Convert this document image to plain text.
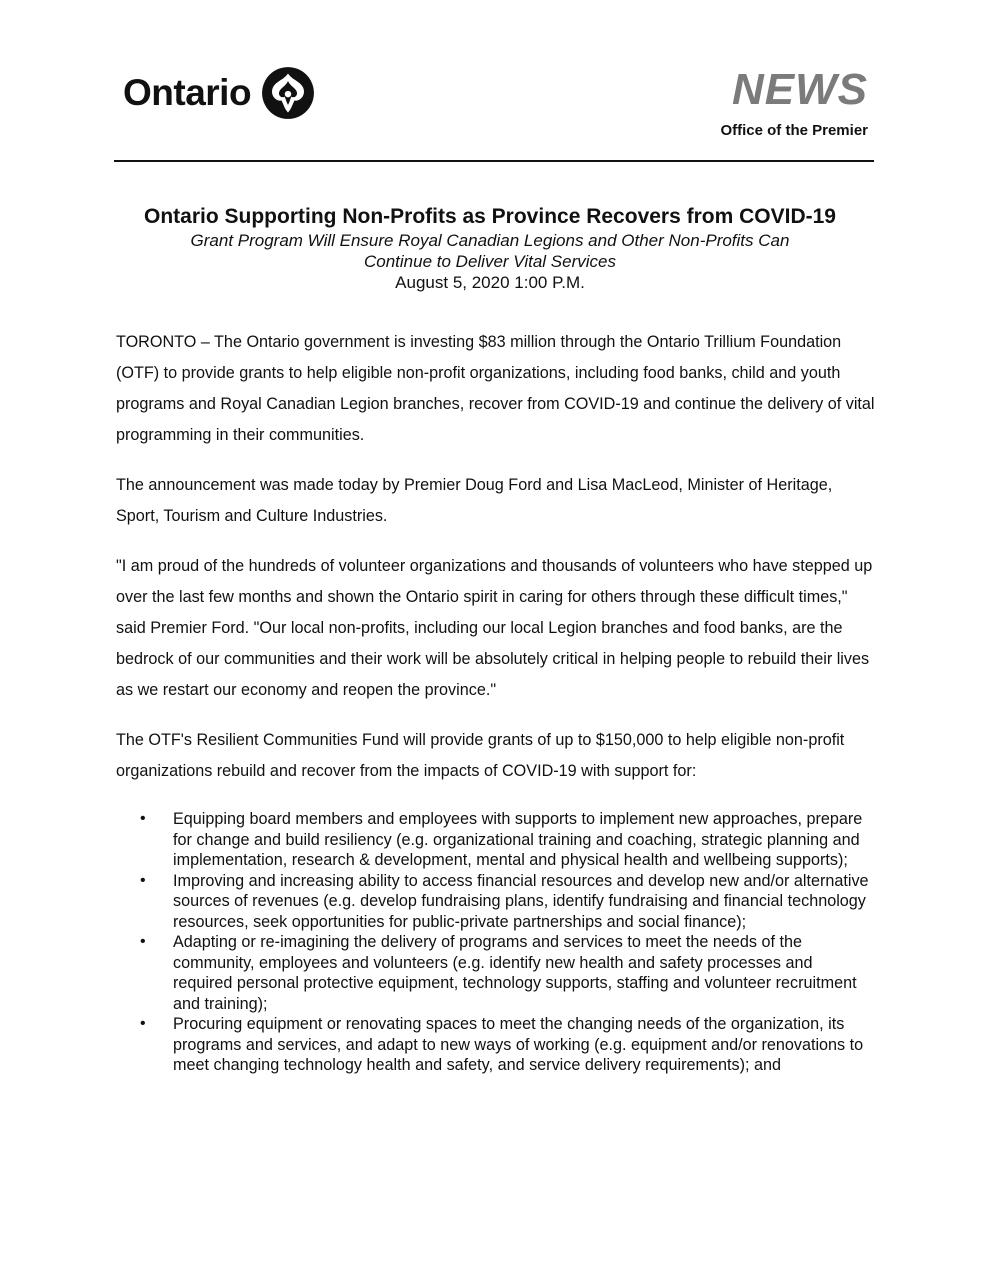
Ontario	NEWS
Office of the Premier
Ontario Supporting Non-Profits as Province Recovers from COVID-19
Grant Program Will Ensure Royal Canadian Legions and Other Non-Profits Can
Continue to Deliver Vital Services
August 5, 2020 1:00 P.M.

TORONTO – The Ontario government is investing $83 million through the Ontario Trillium Foundation (OTF) to provide grants to help eligible non-profit organizations, including food banks, child and youth programs and Royal Canadian Legion branches, recover from COVID-19 and continue the delivery of vital programming in their communities.

The announcement was made today by Premier Doug Ford and Lisa MacLeod, Minister of Heritage, Sport, Tourism and Culture Industries.

"I am proud of the hundreds of volunteer organizations and thousands of volunteers who have stepped up over the last few months and shown the Ontario spirit in caring for others through these difficult times," said Premier Ford. "Our local non-profits, including our local Legion branches and food banks, are the bedrock of our communities and their work will be absolutely critical in helping people to rebuild their lives as we restart our economy and reopen the province."

The OTF's Resilient Communities Fund will provide grants of up to $150,000 to help eligible non-profit organizations rebuild and recover from the impacts of COVID-19 with support for:

• Equipping board members and employees with supports to implement new approaches, prepare for change and build resiliency (e.g. organizational training and coaching, strategic planning and implementation, research & development, mental and physical health and wellbeing supports);
• Improving and increasing ability to access financial resources and develop new and/or alternative sources of revenues (e.g. develop fundraising plans, identify fundraising and financial technology resources, seek opportunities for public-private partnerships and social finance);
• Adapting or re-imagining the delivery of programs and services to meet the needs of the community, employees and volunteers (e.g. identify new health and safety processes and required personal protective equipment, technology supports, staffing and volunteer recruitment and training);
• Procuring equipment or renovating spaces to meet the changing needs of the organization, its programs and services, and adapt to new ways of working (e.g. equipment and/or renovations to meet changing technology health and safety, and service delivery requirements); and
